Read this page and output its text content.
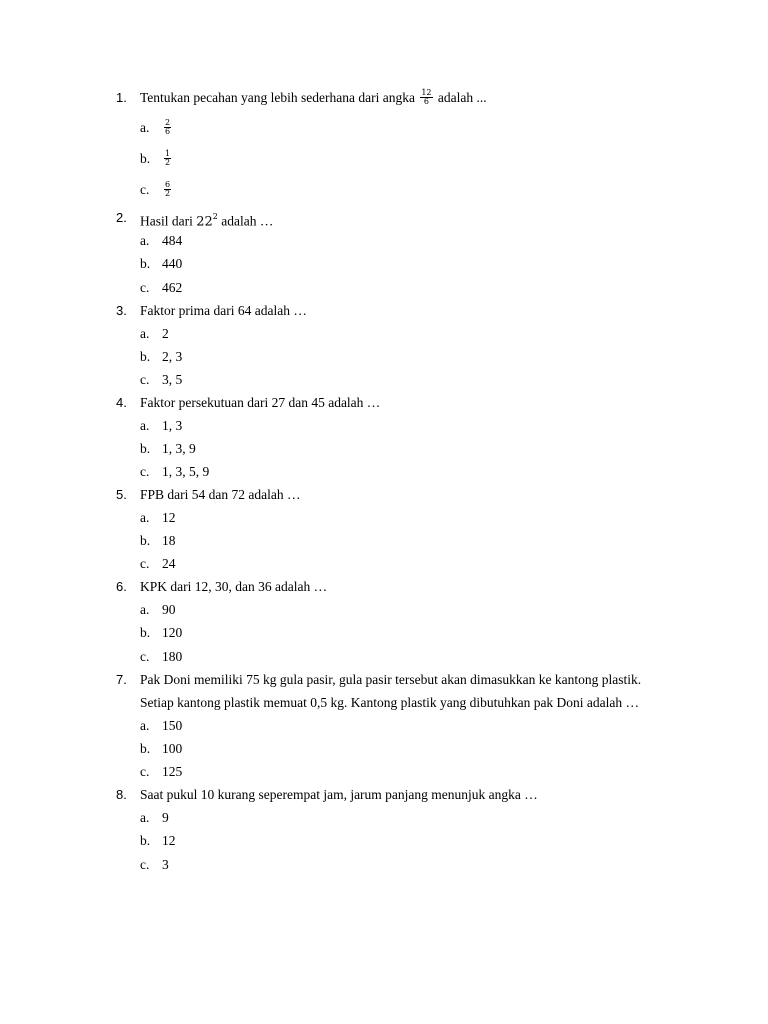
1. Tentukan pecahan yang lebih sederhana dari angka $\frac{12}{6}$ adalah ...
a. $\frac{2}{6}$
b. $\frac{1}{2}$
c. $\frac{6}{2}$
2. Hasil dari $22^2$ adalah …
a. 484
b. 440
c. 462
3. Faktor prima dari 64 adalah …
a. 2
b. 2, 3
c. 3, 5
4. Faktor persekutuan dari 27 dan 45 adalah …
a. 1, 3
b. 1, 3, 9
c. 1, 3, 5, 9
5. FPB dari 54 dan 72 adalah …
a. 12
b. 18
c. 24
6. KPK dari 12, 30, dan 36 adalah …
a. 90
b. 120
c. 180
7. Pak Doni memiliki 75 kg gula pasir, gula pasir tersebut akan dimasukkan ke kantong plastik.
Setiap kantong plastik memuat 0,5 kg. Kantong plastik yang dibutuhkan pak Doni adalah …
a. 150
b. 100
c. 125
8. Saat pukul 10 kurang seperempat jam, jarum panjang menunjuk angka …
a. 9
b. 12
c. 3
